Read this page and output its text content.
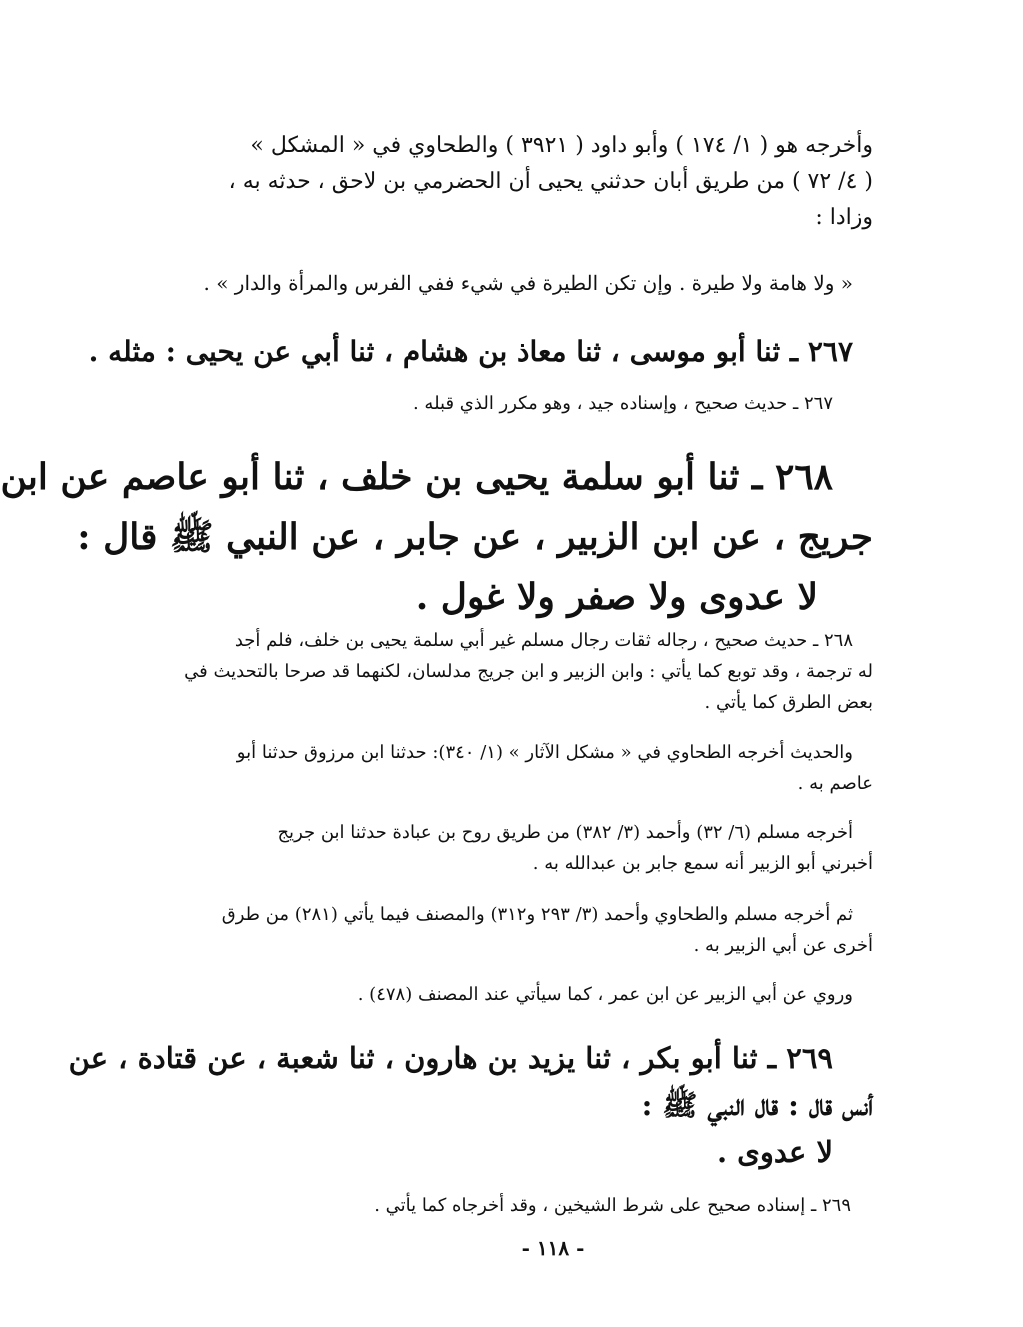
وأخرجه هو ( ١/ ١٧٤ ) وأبو داود ( ٣٩٢١ ) والطحاوي في « المشكل »
( ٤/ ٧٢ ) من طريق أبان حدثني يحيى أن الحضرمي بن لاحق ، حدثه به ،
وزادا :
« ولا هامة ولا طيرة . وإن تكن الطيرة في شيء ففي الفرس والمرأة والدار » .
٢٦٧ ـ ثنا أبو موسى ، ثنا معاذ بن هشام ، ثنا أبي عن يحيى : مثله .
٢٦٧ ـ حديث صحيح ، وإسناده جيد ، وهو مكرر الذي قبله .
٢٦٨ ـ ثنا أبو سلمة يحيى بن خلف ، ثنا أبو عاصم عن ابن
جريج ، عن ابن الزبير ، عن جابر ، عن النبي ﷺ قال :
لا عدوى ولا صفر ولا غول .
٢٦٨ ـ حديث صحيح ، رجاله ثقات رجال مسلم غير أبي سلمة يحيى بن خلف، فلم أجد
له ترجمة ، وقد توبع كما يأتي : وابن الزبير و ابن جريج مدلسان، لكنهما قد صرحا بالتحديث في
بعض الطرق كما يأتي .
والحديث أخرجه الطحاوي في « مشكل الآثار » (١/ ٣٤٠): حدثنا ابن مرزوق حدثنا أبو
عاصم به .
أخرجه مسلم (٦/ ٣٢) وأحمد (٣/ ٣٨٢) من طريق روح بن عبادة حدثنا ابن جريج
أخبرني أبو الزبير أنه سمع جابر بن عبدالله به .
ثم أخرجه مسلم والطحاوي وأحمد (٣/ ٢٩٣ و٣١٢) والمصنف فيما يأتي (٢٨١) من طرق
أخرى عن أبي الزبير به .
وروي عن أبي الزبير عن ابن عمر ، كما سيأتي عند المصنف (٤٧٨) .
٢٦٩ ـ ثنا أبو بكر ، ثنا يزيد بن هارون ، ثنا شعبة ، عن قتادة ، عن
أنس قال : قال النبي ﷺ :
لا عدوى .
٢٦٩ ـ إسناده صحيح على شرط الشيخين ، وقد أخرجاه كما يأتي .
- ١١٨ -
